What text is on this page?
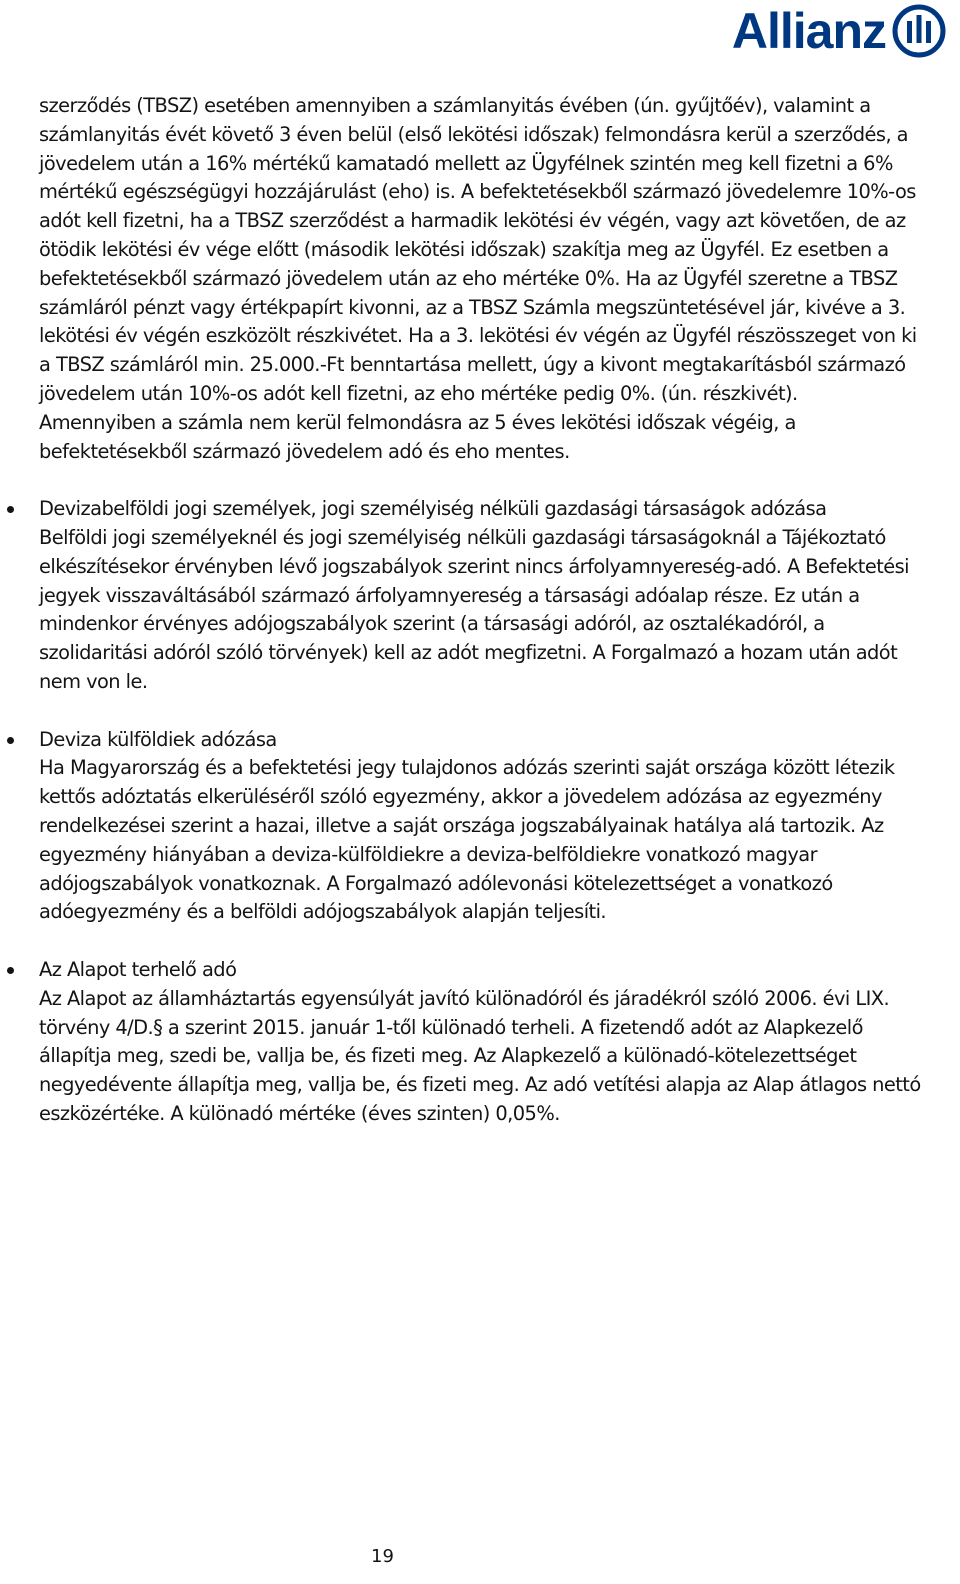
Allianz

szerződés (TBSZ) esetében amennyiben a számlanyitás évében (ún. gyűjtőév), valamint a számlanyitás évét követő 3 éven belül (első lekötési időszak) felmondásra kerül a szerződés, a jövedelem után a 16% mértékű kamatadó mellett az Ügyfélnek szintén meg kell fizetni a 6% mértékű egészségügyi hozzájárulást (eho) is. A befektetésekből származó jövedelemre 10%-os adót kell fizetni, ha a TBSZ szerződést a harmadik lekötési év végén, vagy azt követően, de az ötödik lekötési év vége előtt (második lekötési időszak) szakítja meg az Ügyfél. Ez esetben a befektetésekből származó jövedelem után az eho mértéke 0%. Ha az Ügyfél szeretne a TBSZ számláról pénzt vagy értékpapírt kivonni, az a TBSZ Számla megszüntetésével jár, kivéve a 3. lekötési év végén eszközölt részkivétet. Ha a 3. lekötési év végén az Ügyfél részösszeget von ki a TBSZ számláról min. 25.000.-Ft benntartása mellett, úgy a kivont megtakarításból származó jövedelem után 10%-os adót kell fizetni, az eho mértéke pedig 0%. (ún. részkivét).

Amennyiben a számla nem kerül felmondásra az 5 éves lekötési időszak végéig, a befektetésekből származó jövedelem adó és eho mentes.

Devizabelföldi jogi személyek, jogi személyiség nélküli gazdasági társaságok adózása

Belföldi jogi személyeknél és jogi személyiség nélküli gazdasági társaságoknál a Tájékoztató elkészítésekor érvényben lévő jogszabályok szerint nincs árfolyamnyereség-adó. A Befektetési jegyek visszaváltásából származó árfolyamnyereség a társasági adóalap része. Ez után a mindenkor érvényes adójogszabályok szerint (a társasági adóról, az osztalékadóról, a szolidaritási adóról szóló törvények) kell az adót megfizetni. A Forgalmazó a hozam után adót nem von le.

Deviza külföldiek adózása

Ha Magyarország és a befektetési jegy tulajdonos adózás szerinti saját országa között létezik kettős adóztatás elkerüléséről szóló egyezmény, akkor a jövedelem adózása az egyezmény rendelkezései szerint a hazai, illetve a saját országa jogszabályainak hatálya alá tartozik. Az egyezmény hiányában a deviza-külföldiekre a deviza-belföldiekre vonatkozó magyar adójogszabályok vonatkoznak. A Forgalmazó adólevonási kötelezettséget a vonatkozó adóegyezmény és a belföldi adójogszabályok alapján teljesíti.

Az Alapot terhelő adó

Az Alapot az államháztartás egyensúlyát javító különadóról és járadékról szóló 2006. évi LIX. törvény 4/D.§ a szerint 2015. január 1-től különadó terheli. A fizetendő adót az Alapkezelő állapítja meg, szedi be, vallja be, és fizeti meg. Az Alapkezelő a különadó-kötelezettséget negyedévente állapítja meg, vallja be, és fizeti meg. Az adó vetítési alapja az Alap átlagos nettó eszközértéke. A különadó mértéke (éves szinten) 0,05%.

19
